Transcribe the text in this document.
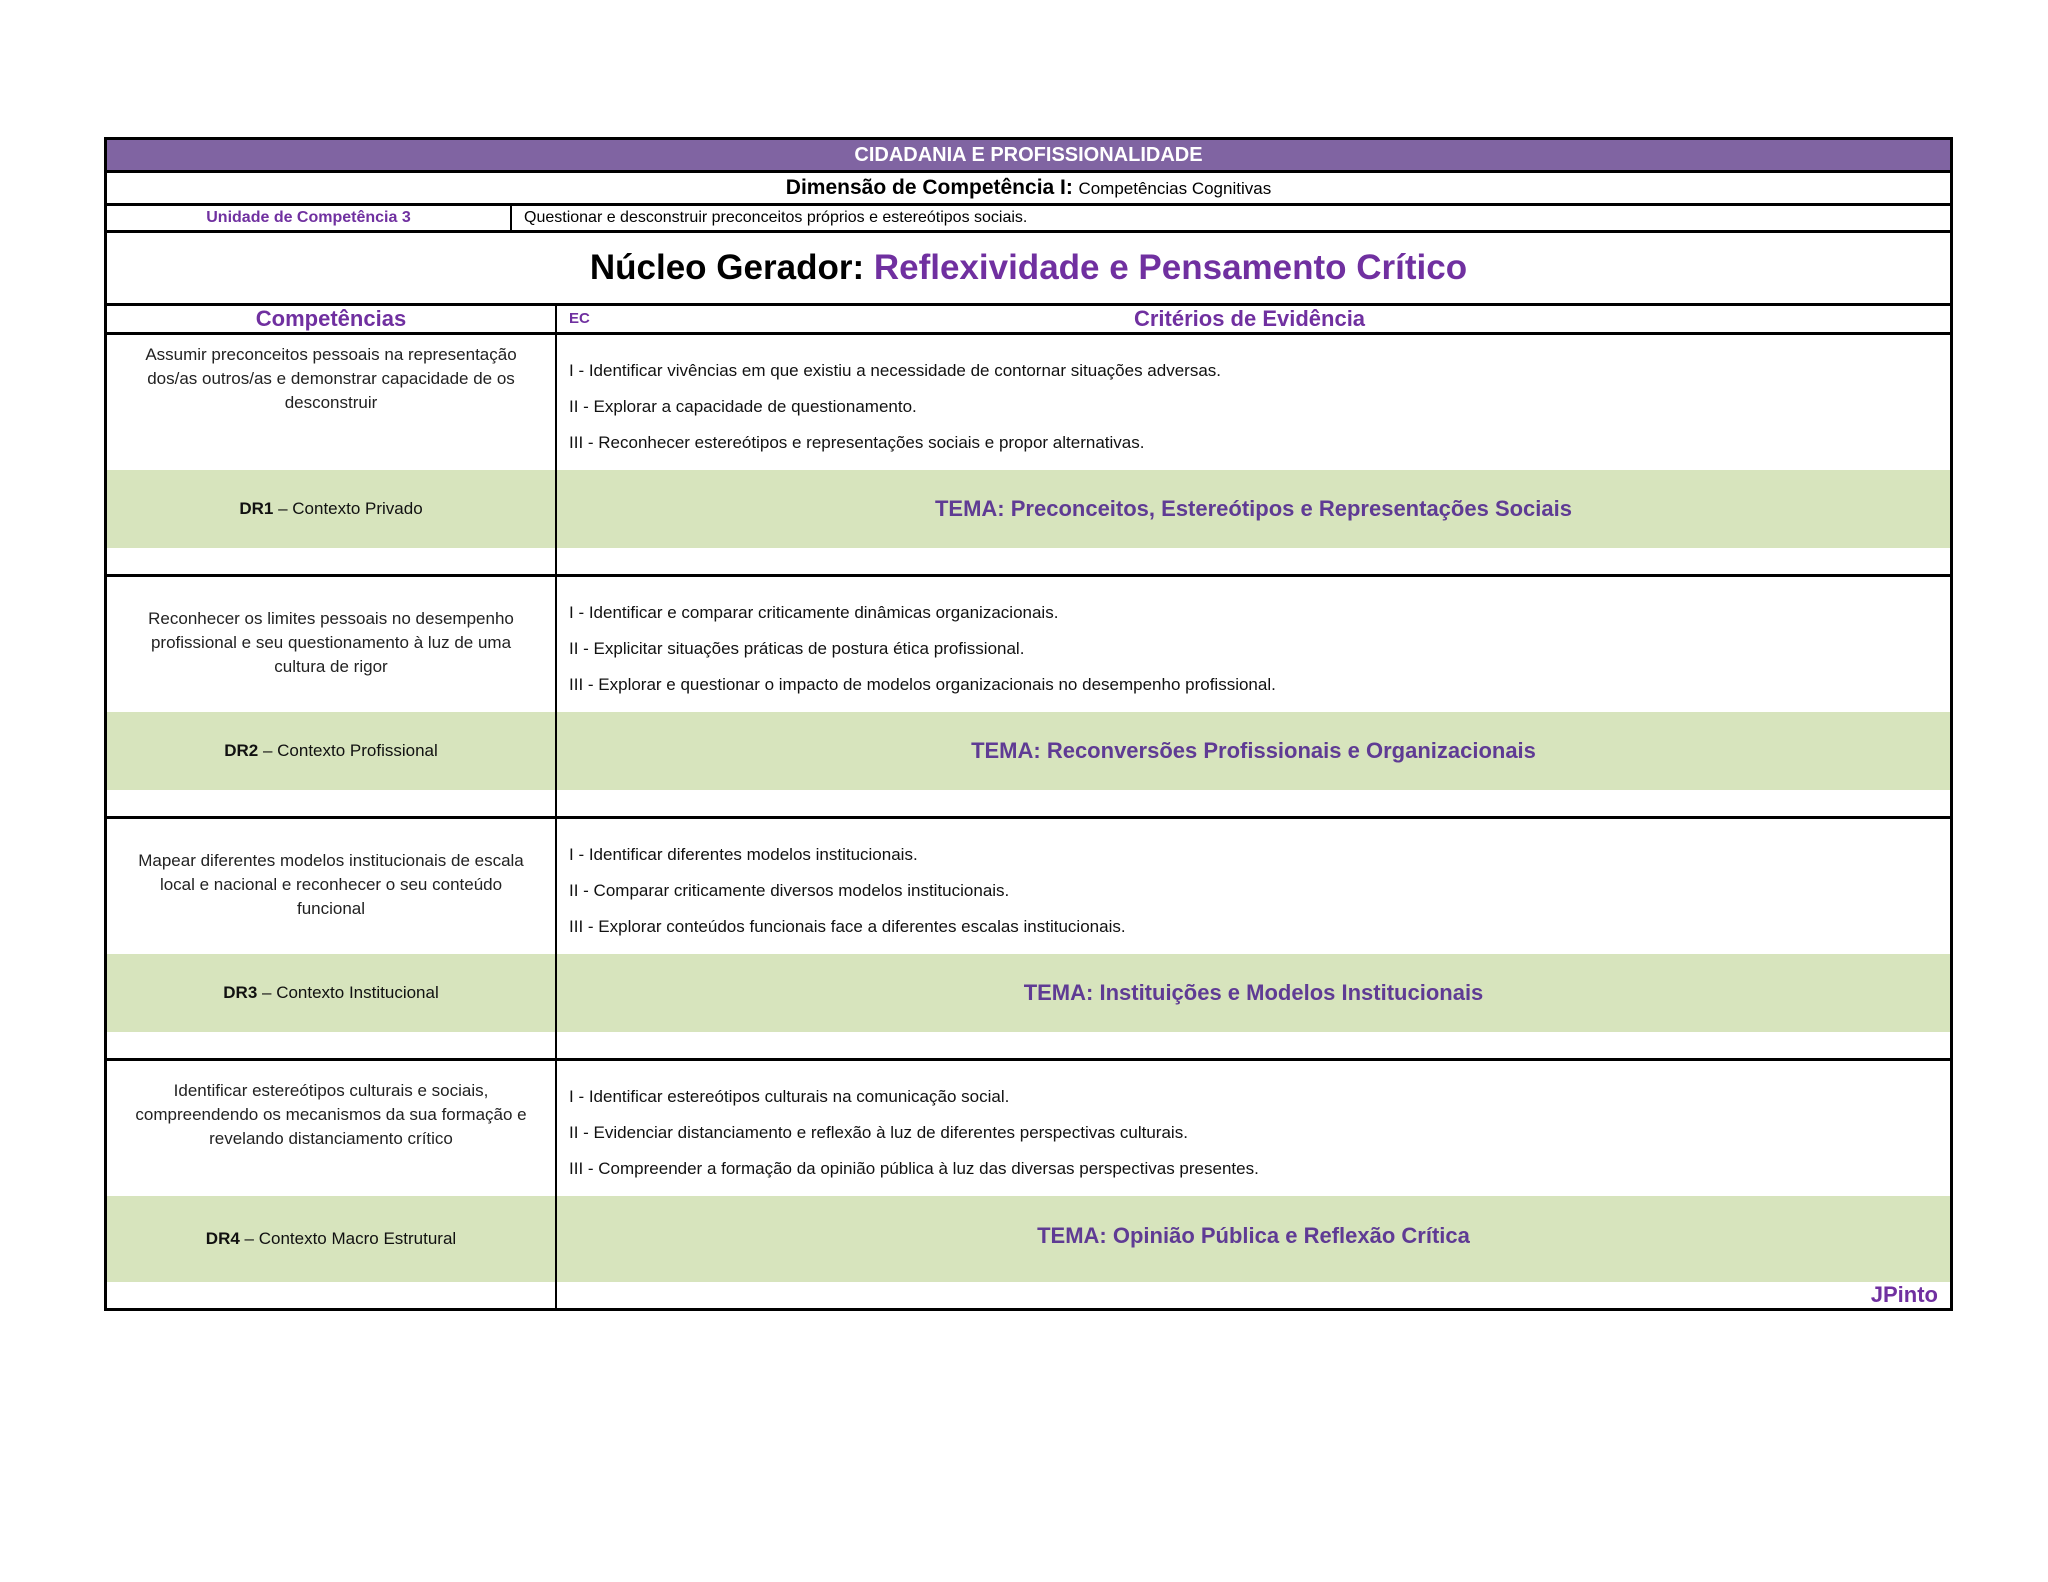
CIDADANIA E PROFISSIONALIDADE
Dimensão de Competência I: Competências Cognitivas
Unidade de Competência 3	Questionar e desconstruir preconceitos próprios e estereótipos sociais.
Núcleo Gerador: Reflexividade e Pensamento Crítico
Competências	EC	Critérios de Evidência
Assumir preconceitos pessoais na representação dos/as outros/as e demonstrar capacidade de os desconstruir
I - Identificar vivências em que existiu a necessidade de contornar situações adversas.
II - Explorar a capacidade de questionamento.
III - Reconhecer estereótipos e representações sociais e propor alternativas.
DR1 – Contexto Privado	TEMA: Preconceitos, Estereótipos e Representações Sociais
Reconhecer os limites pessoais no desempenho profissional e seu questionamento à luz de uma cultura de rigor
I - Identificar e comparar criticamente dinâmicas organizacionais.
II - Explicitar situações práticas de postura ética profissional.
III - Explorar e questionar o impacto de modelos organizacionais no desempenho profissional.
DR2 – Contexto Profissional	TEMA: Reconversões Profissionais e Organizacionais
Mapear diferentes modelos institucionais de escala local e nacional e reconhecer o seu conteúdo funcional
I - Identificar diferentes modelos institucionais.
II - Comparar criticamente diversos modelos institucionais.
III - Explorar conteúdos funcionais face a diferentes escalas institucionais.
DR3 – Contexto Institucional	TEMA: Instituições e Modelos Institucionais
Identificar estereótipos culturais e sociais, compreendendo os mecanismos da sua formação e revelando distanciamento crítico
I - Identificar estereótipos culturais na comunicação social.
II - Evidenciar distanciamento e reflexão à luz de diferentes perspectivas culturais.
III - Compreender a formação da opinião pública à luz das diversas perspectivas presentes.
DR4 – Contexto Macro Estrutural	TEMA: Opinião Pública e Reflexão Crítica
JPinto
